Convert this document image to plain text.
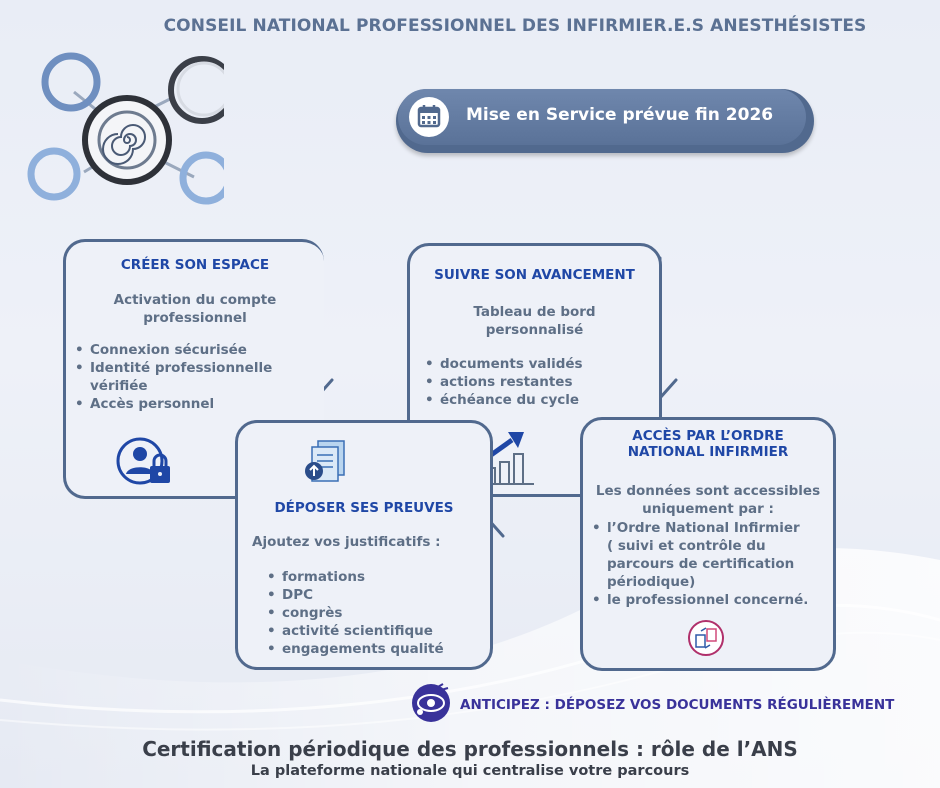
CONSEIL NATIONAL PROFESSIONNEL DES INFIRMIER.E.S ANESTHÉSISTES
Mise en Service prévue fin 2026
CRÉER SON ESPACE
Activation du compte
professionnel
• Connexion sécurisée
• Identité professionnelle
vérifiée
• Accès personnel
SUIVRE SON AVANCEMENT
Tableau de bord
personnalisé
• documents validés
• actions restantes
• échéance du cycle
DÉPOSER SES PREUVES
Ajoutez vos justificatifs :
• formations
• DPC
• congrès
• activité scientifique
• engagements qualité
ACCÈS PAR L’ORDRE
NATIONAL INFIRMIER
Les données sont accessibles
uniquement par :
• l’Ordre National Infirmier
( suivi et contrôle du
parcours de certification
périodique)
• le professionnel concerné.
ANTICIPEZ : DÉPOSEZ VOS DOCUMENTS RÉGULIÈREMENT
Certification périodique des professionnels : rôle de l’ANS
La plateforme nationale qui centralise votre parcours
